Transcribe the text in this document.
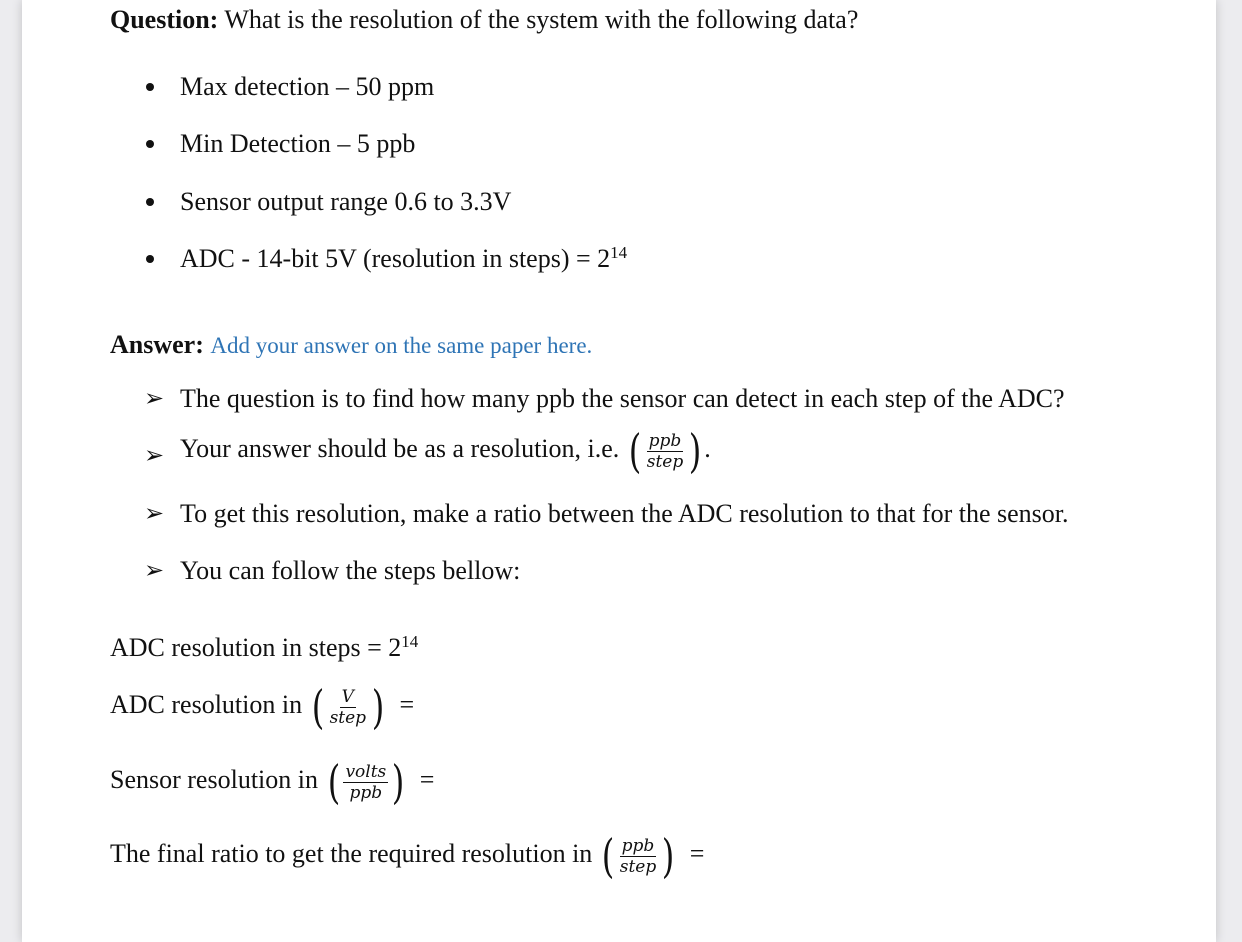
Question: What is the resolution of the system with the following data?
Max detection – 50 ppm
Min Detection – 5 ppb
Sensor output range 0.6 to 3.3V
ADC - 14-bit 5V (resolution in steps) = $2^{14}$
Answer: Add your answer on the same paper here.
➢ The question is to find how many ppb the sensor can detect in each step of the ADC?
➢ Your answer should be as a resolution, i.e. ( $\frac{\text{ppb}}{\text{step}}$ ) .
➢ To get this resolution, make a ratio between the ADC resolution to that for the sensor.
➢ You can follow the steps bellow:
ADC resolution in steps = $2^{14}$
ADC resolution in ( $\frac{V}{\text{step}}$ ) =
Sensor resolution in ( $\frac{\text{volts}}{\text{ppb}}$ ) =
The final ratio to get the required resolution in ( $\frac{\text{ppb}}{\text{step}}$ ) =
